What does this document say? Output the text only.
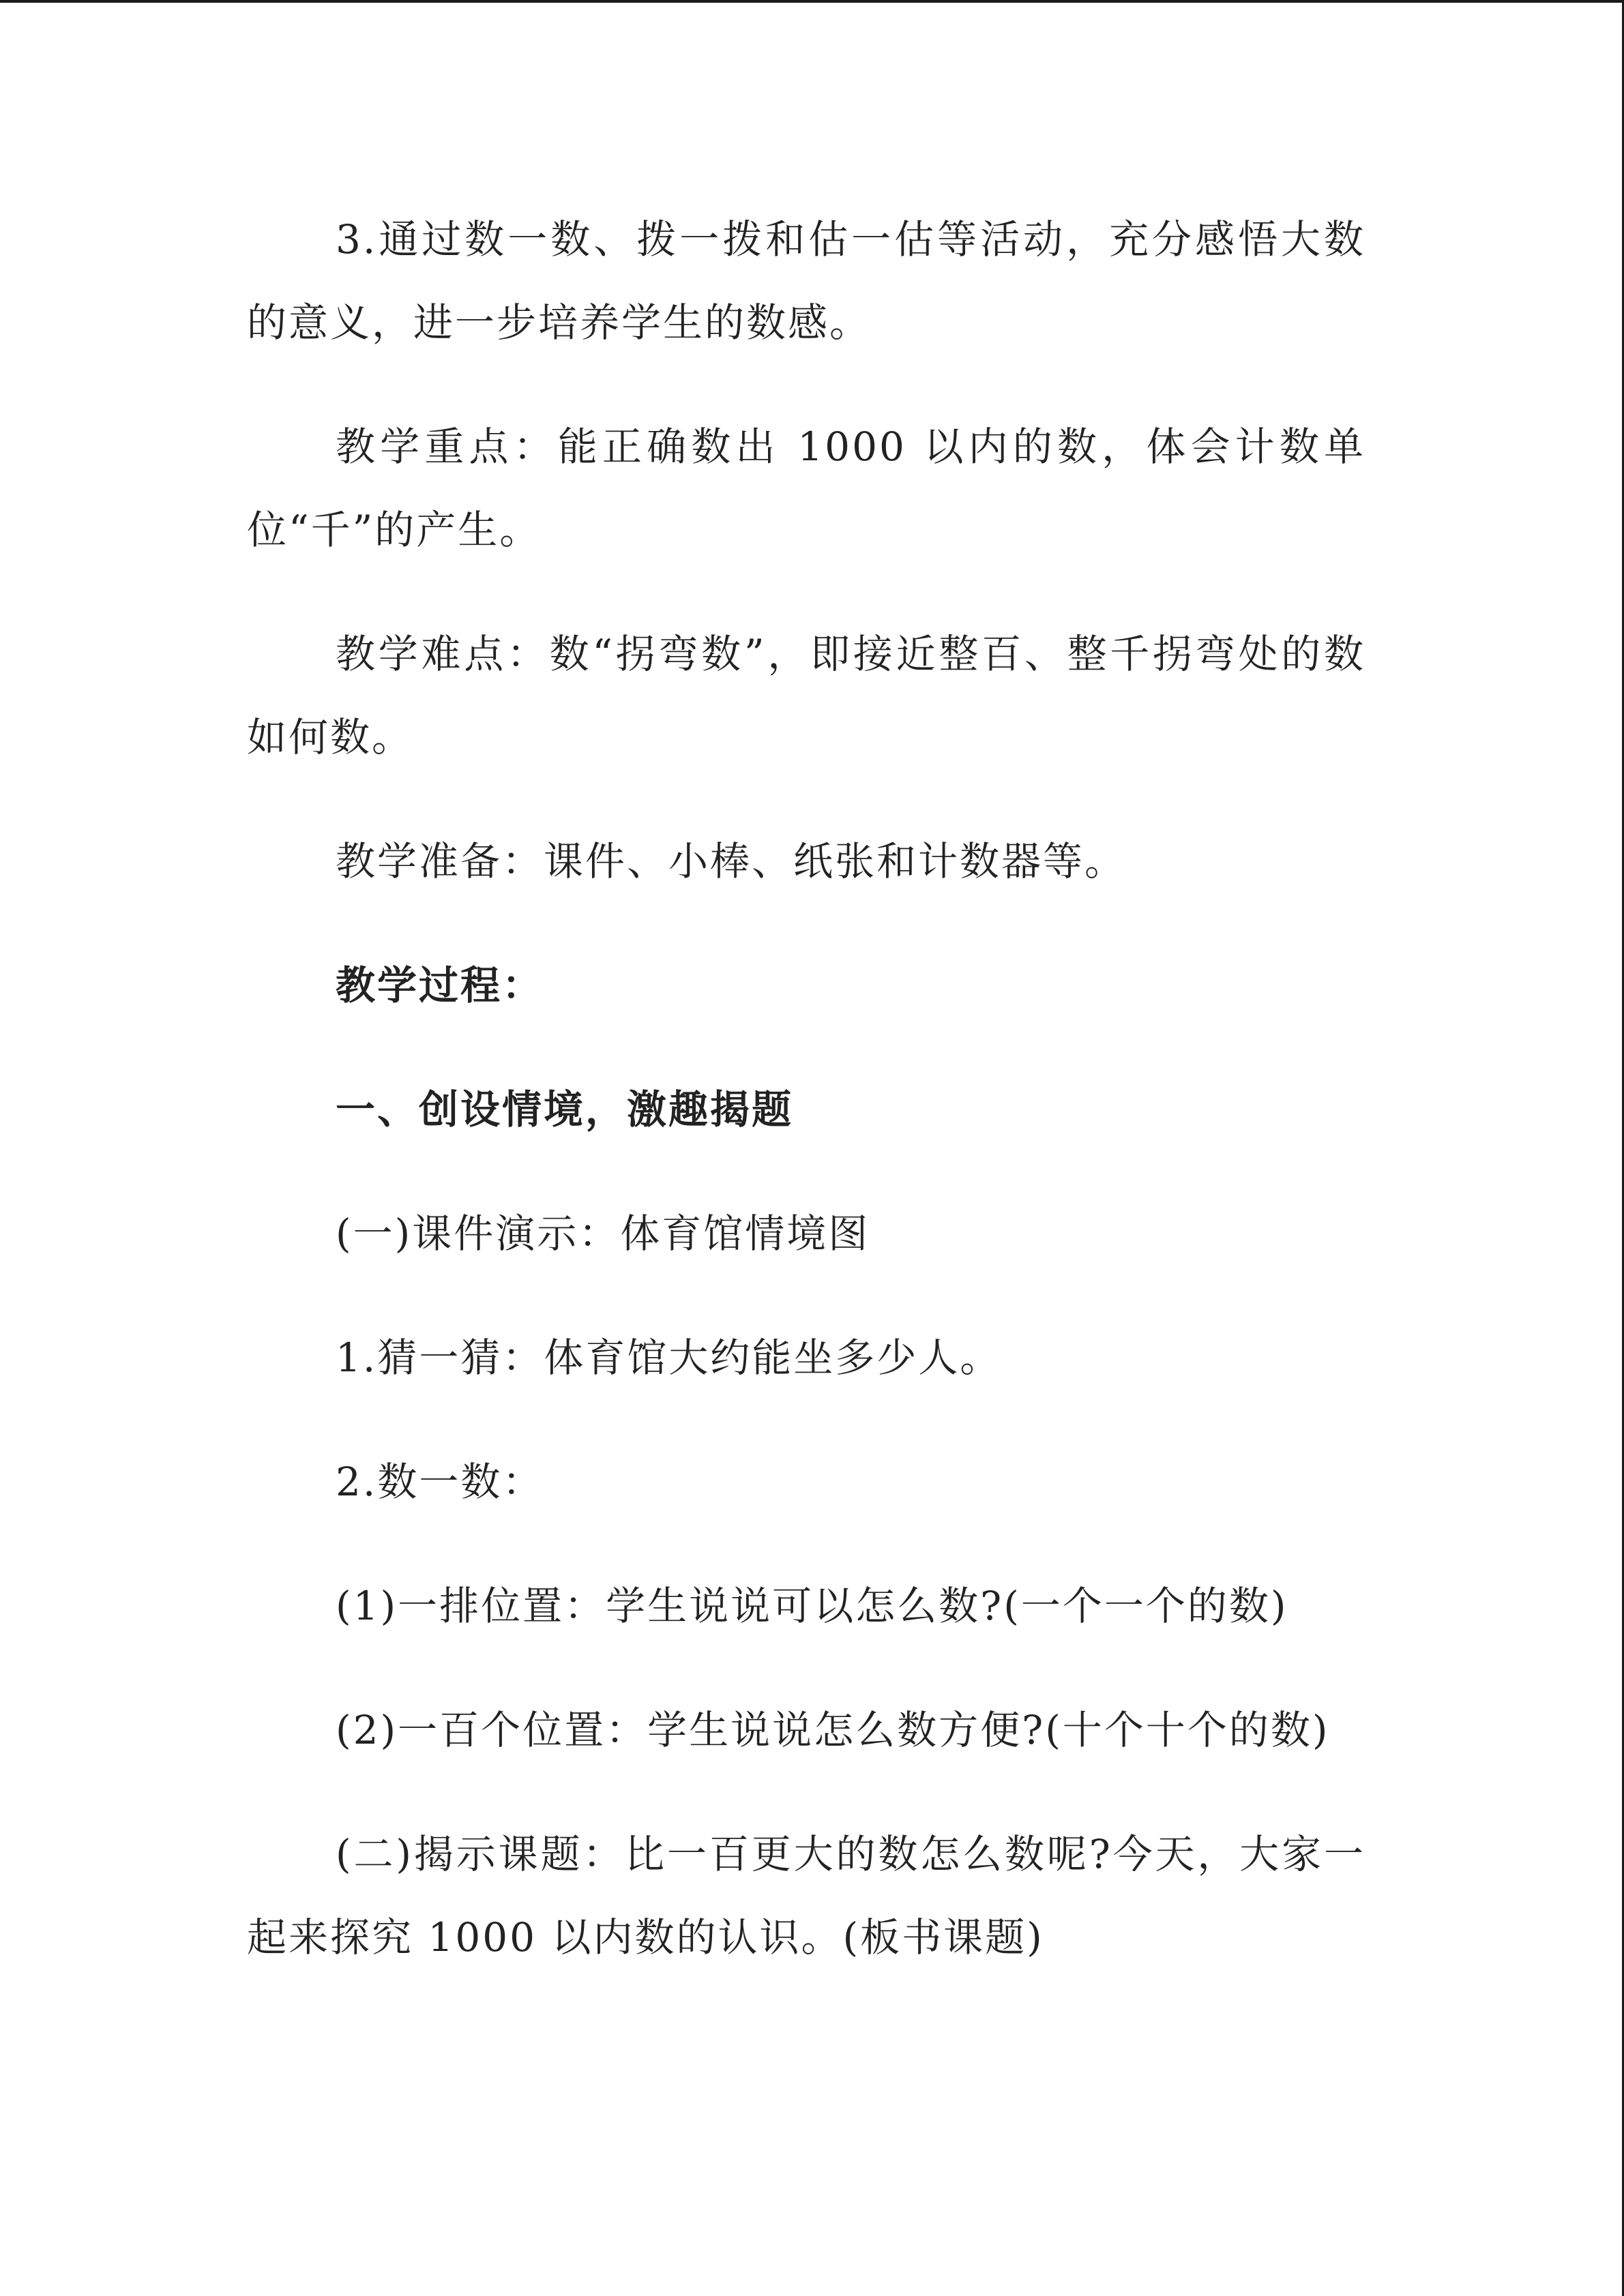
3.通过数一数、拨一拨和估一估等活动，充分感悟大数的意义，进一步培养学生的数感。

教学重点：能正确数出 1000 以内的数，体会计数单位“千”的产生。

教学难点：数“拐弯数”，即接近整百、整千拐弯处的数如何数。

教学准备：课件、小棒、纸张和计数器等。

教学过程：

一、创设情境，激趣揭题

(一)课件演示：体育馆情境图

1.猜一猜：体育馆大约能坐多少人。

2.数一数：

(1)一排位置：学生说说可以怎么数?(一个一个的数)

(2)一百个位置：学生说说怎么数方便?(十个十个的数)

(二)揭示课题：比一百更大的数怎么数呢?今天，大家一起来探究 1000 以内数的认识。(板书课题)
